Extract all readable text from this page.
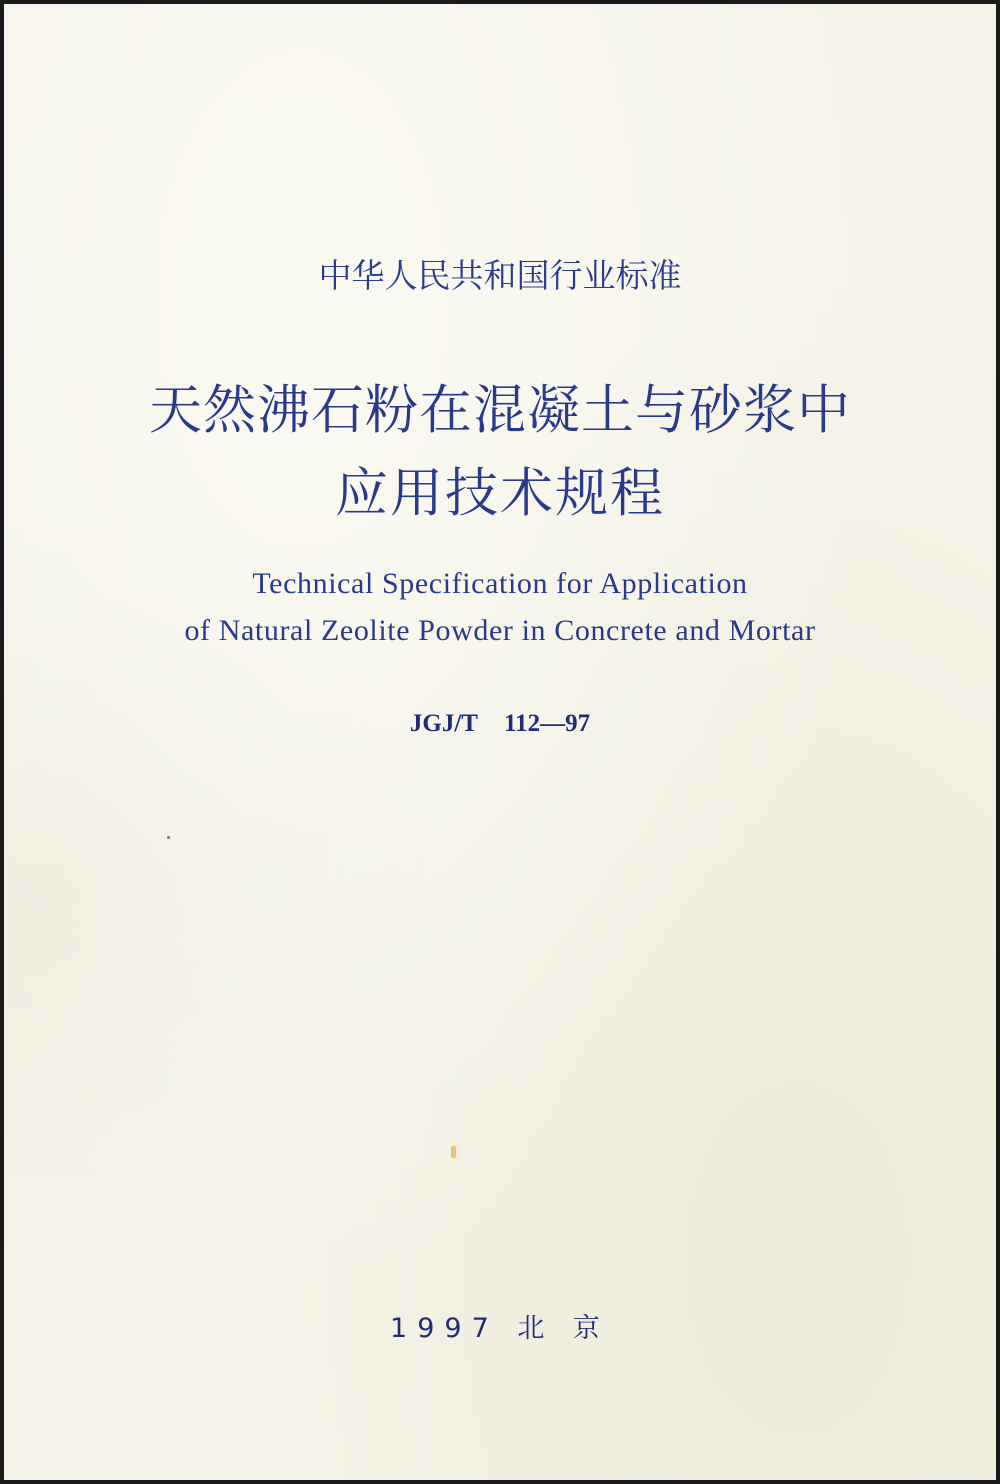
中华人民共和国行业标准
天然沸石粉在混凝土与砂浆中
应用技术规程
Technical Specification for Application
of Natural Zeolite Powder in Concrete and Mortar
JGJ/T 112—97
1997 北 京
